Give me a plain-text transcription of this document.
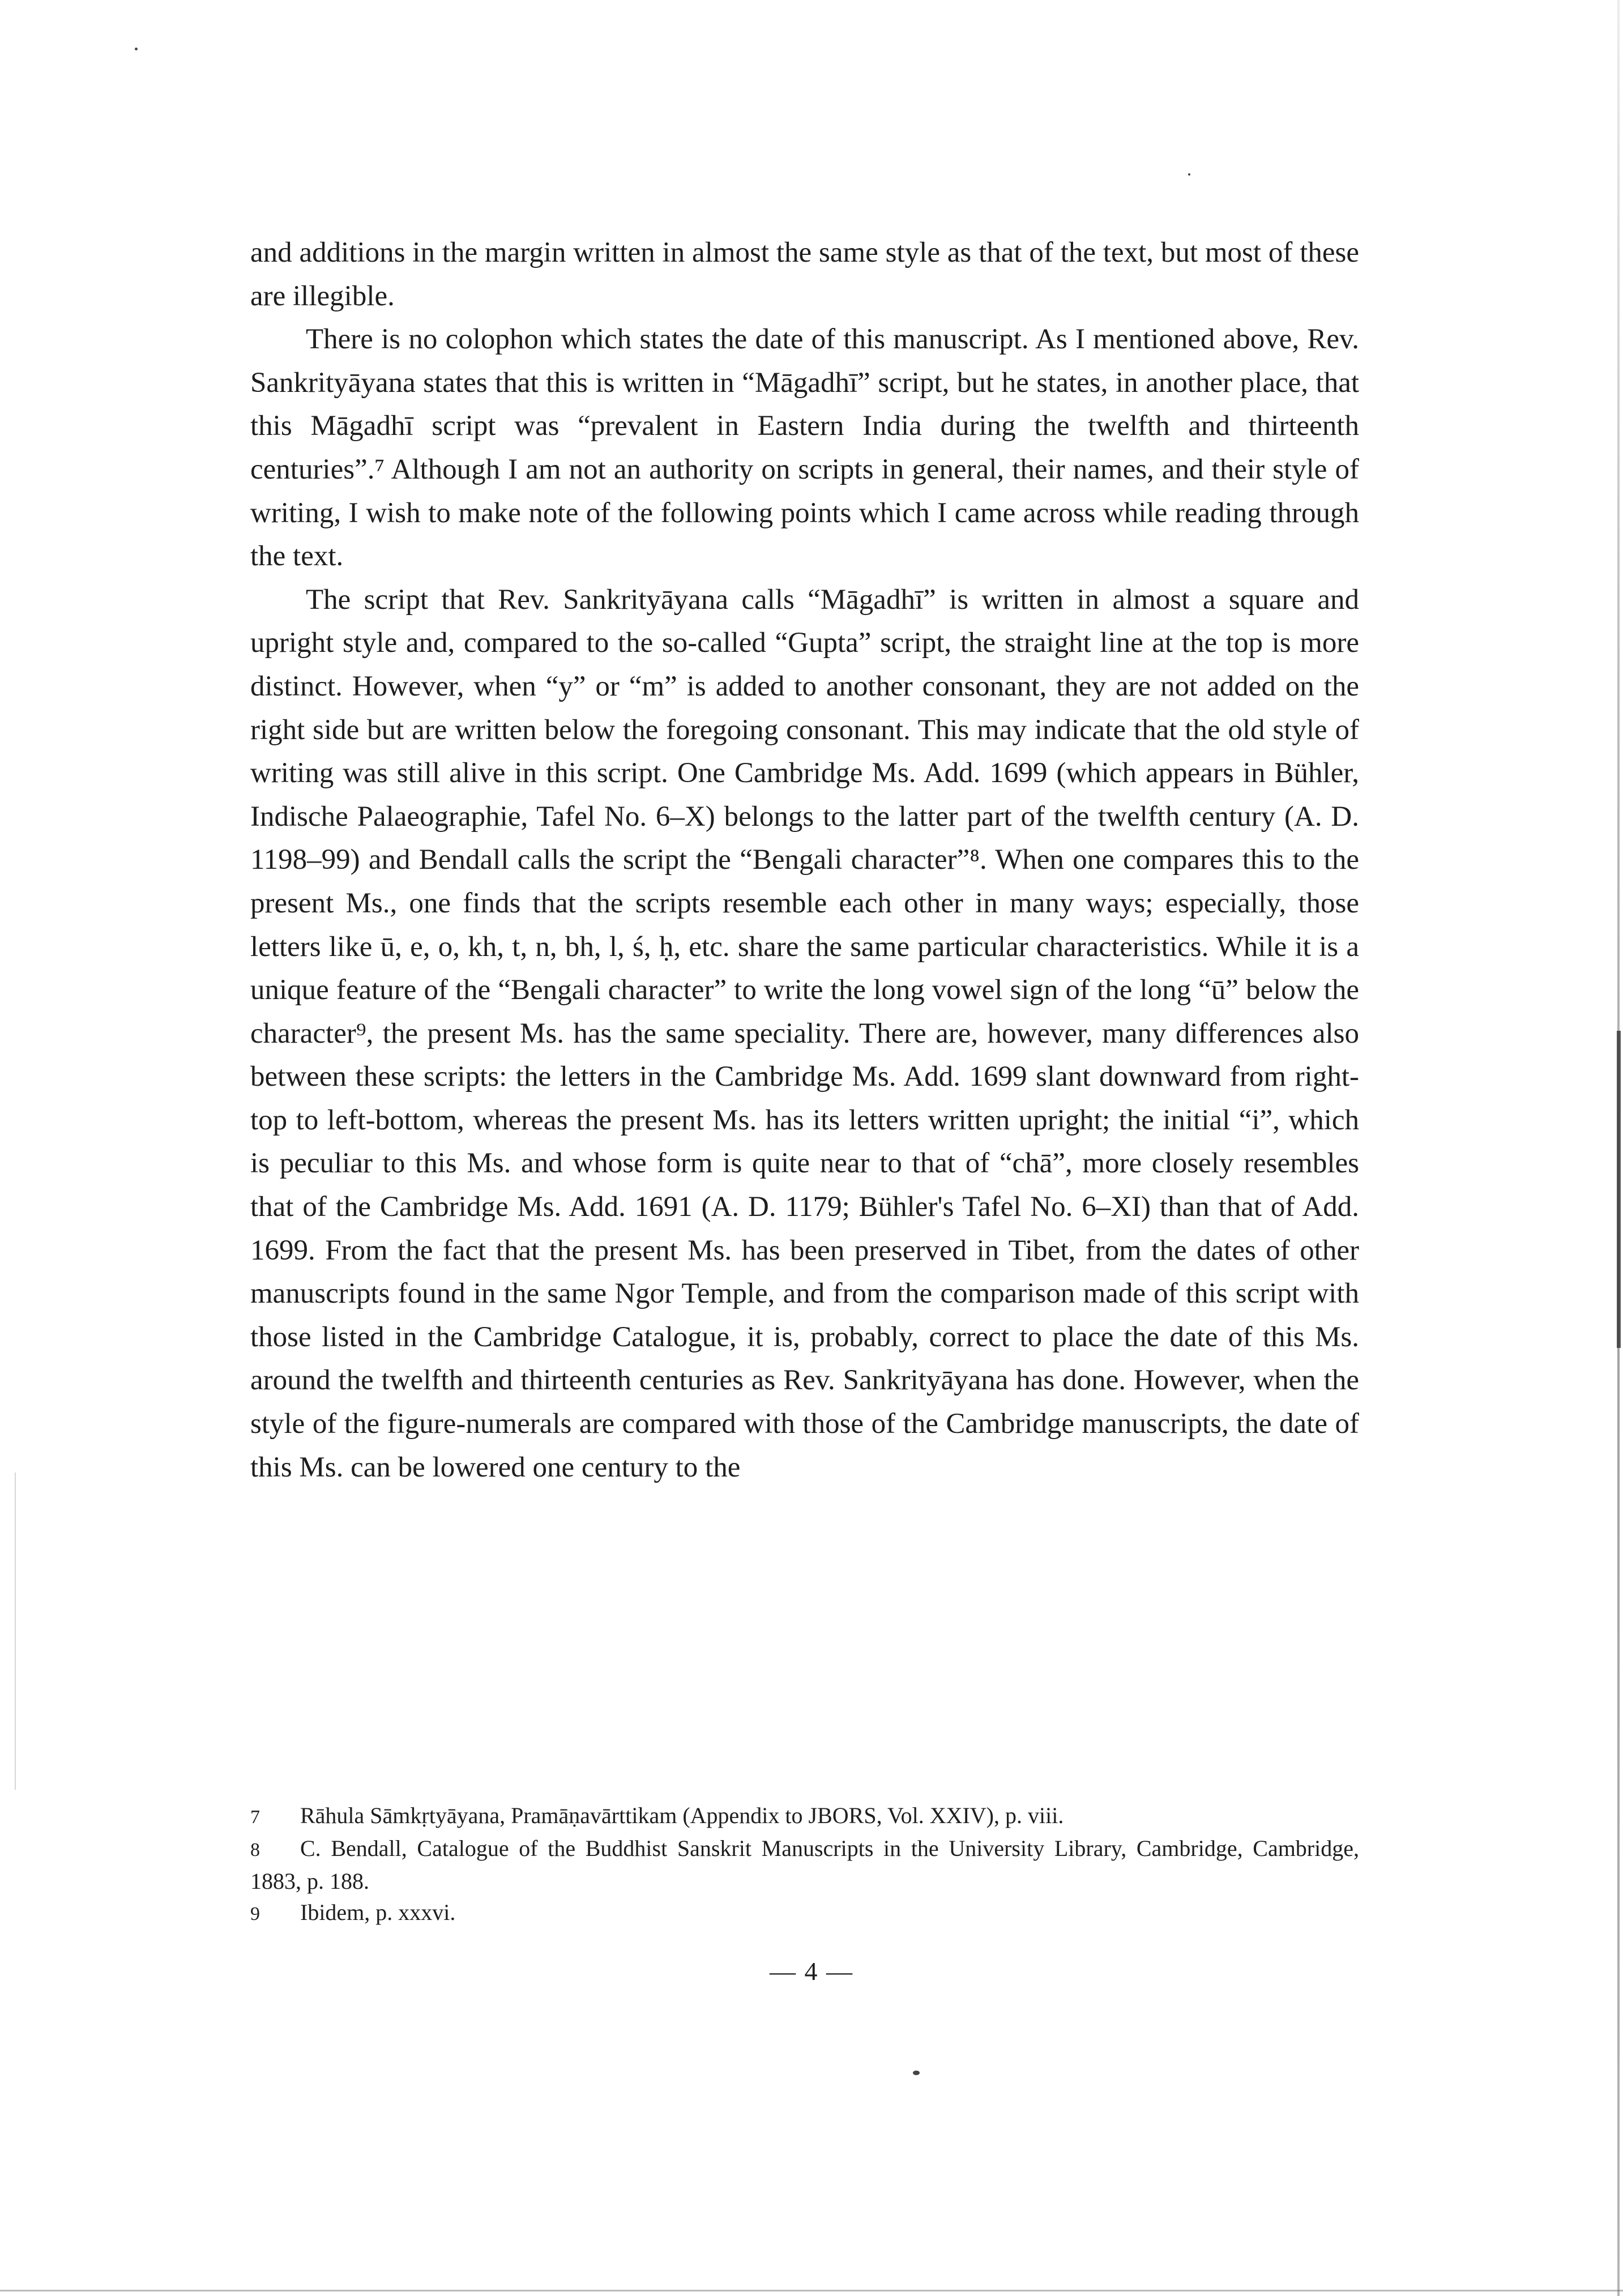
and additions in the margin written in almost the same style as that of the text, but most of these are illegible.

There is no colophon which states the date of this manuscript. As I mentioned above, Rev. Sankrityāyana states that this is written in “Māgadhī” script, but he states, in another place, that this Māgadhī script was “prevalent in Eastern India during the twelfth and thirteenth centuries”.⁷ Although I am not an authority on scripts in general, their names, and their style of writing, I wish to make note of the following points which I came across while reading through the text.

The script that Rev. Sankrityāyana calls “Māgadhī” is written in almost a square and upright style and, compared to the so-called “Gupta” script, the straight line at the top is more distinct. However, when “y” or “m” is added to another consonant, they are not added on the right side but are written below the foregoing consonant. This may indicate that the old style of writing was still alive in this script. One Cambridge Ms. Add. 1699 (which appears in Bühler, Indische Palaeographie, Tafel No. 6–X) belongs to the latter part of the twelfth century (A. D. 1198–99) and Bendall calls the script the “Bengali character”⁸. When one compares this to the present Ms., one finds that the scripts resemble each other in many ways; especially, those letters like ū, e, o, kh, t, n, bh, l, ś, ḥ, etc. share the same particular characteristics. While it is a unique feature of the “Bengali character” to write the long vowel sign of the long “ū” below the character⁹, the present Ms. has the same speciality. There are, however, many differences also between these scripts: the letters in the Cambridge Ms. Add. 1699 slant downward from right-top to left-bottom, whereas the present Ms. has its letters written upright; the initial “i”, which is peculiar to this Ms. and whose form is quite near to that of “chā”, more closely resembles that of the Cambridge Ms. Add. 1691 (A. D. 1179; Bühler's Tafel No. 6–XI) than that of Add. 1699. From the fact that the present Ms. has been preserved in Tibet, from the dates of other manuscripts found in the same Ngor Temple, and from the comparison made of this script with those listed in the Cambridge Catalogue, it is, probably, correct to place the date of this Ms. around the twelfth and thirteenth centuries as Rev. Sankrityāyana has done. However, when the style of the figure-numerals are compared with those of the Cambridge manuscripts, the date of this Ms. can be lowered one century to the

7 Rāhula Sāmkṛtyāyana, Pramāṇavārttikam (Appendix to JBORS, Vol. XXIV), p. viii.

8 C. Bendall, Catalogue of the Buddhist Sanskrit Manuscripts in the University Library, Cambridge, Cambridge, 1883, p. 188.

9 Ibidem, p. xxxvi.

— 4 —
